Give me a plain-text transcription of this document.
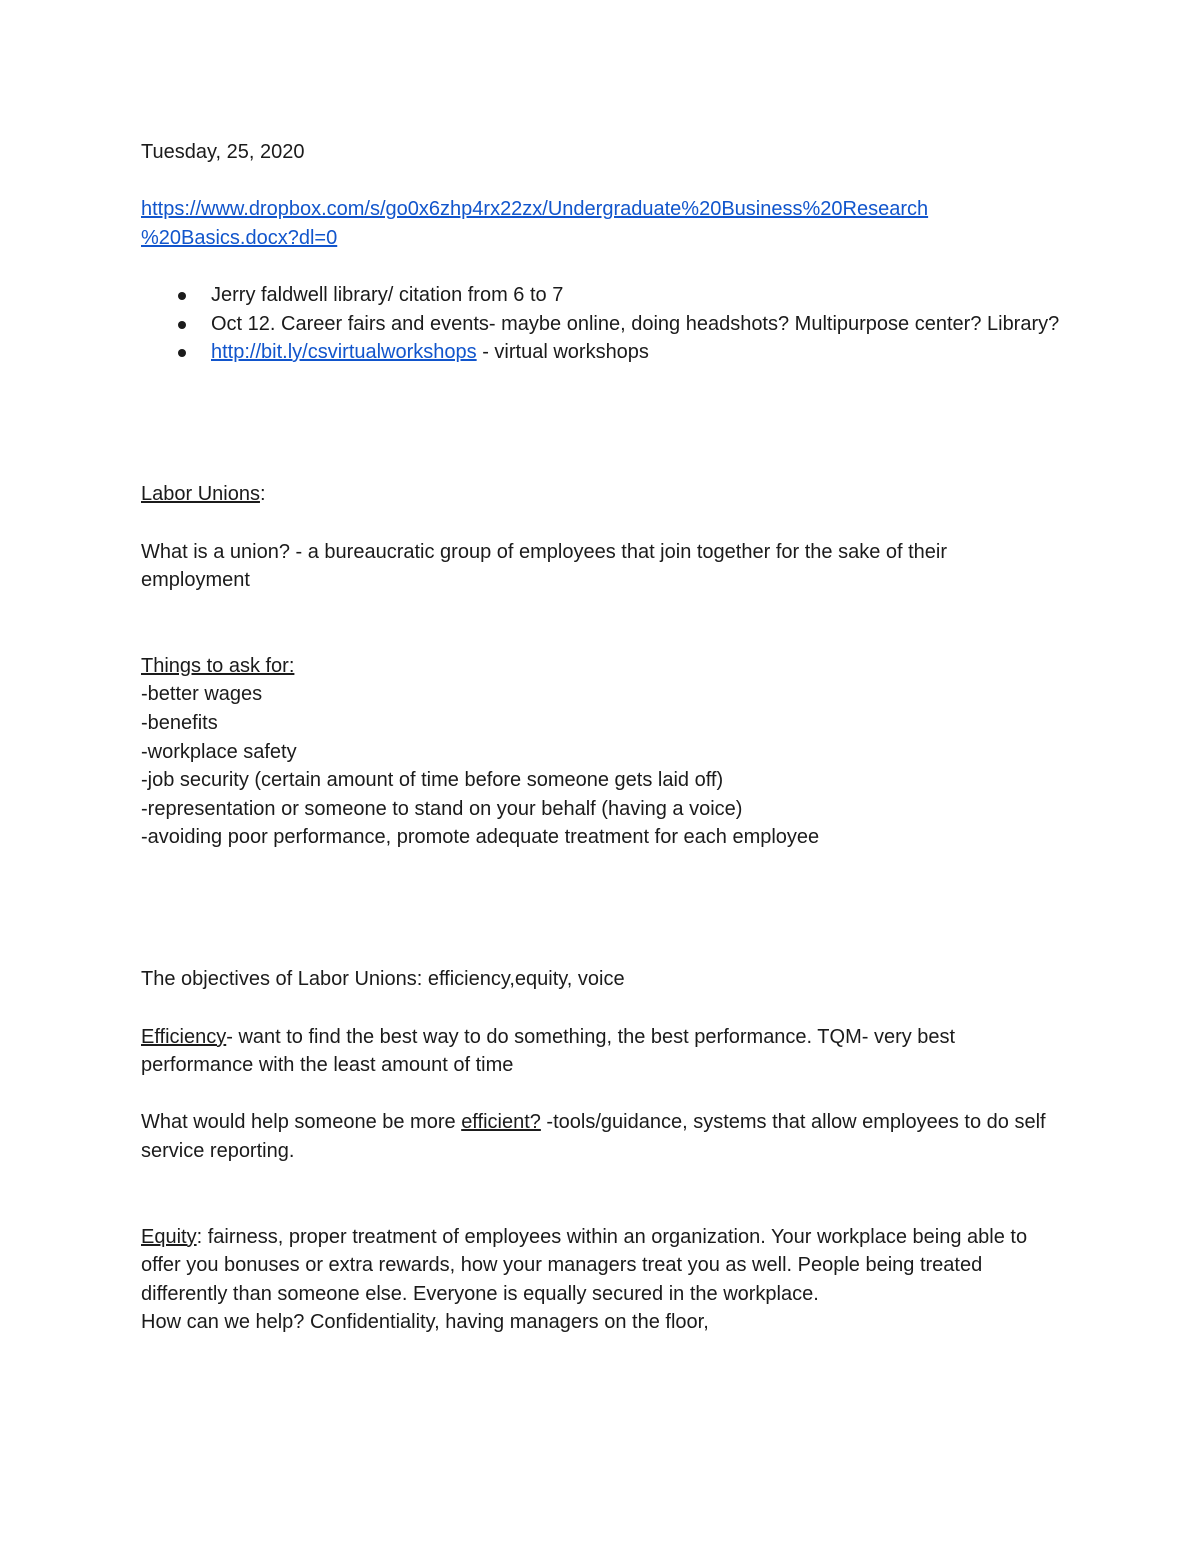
Tuesday, 25, 2020

https://www.dropbox.com/s/go0x6zhp4rx22zx/Undergraduate%20Business%20Research
%20Basics.docx?dl=0

Jerry faldwell library/ citation from 6 to 7
Oct 12. Career fairs and events- maybe online, doing headshots? Multipurpose center? Library?
http://bit.ly/csvirtualworkshops - virtual workshops

Labor Unions:

What is a union? - a bureaucratic group of employees that join together for the sake of their employment

Things to ask for:

-better wages

-benefits

-workplace safety

-job security (certain amount of time before someone gets laid off)

-representation or someone to stand on your behalf (having a voice)

-avoiding poor performance, promote adequate treatment for each employee

The objectives of Labor Unions: efficiency,equity, voice

Efficiency- want to find the best way to do something, the best performance. TQM- very best performance with the least amount of time

What would help someone be more efficient? -tools/guidance, systems that allow employees to do self service reporting.

Equity: fairness, proper treatment of employees within an organization. Your workplace being able to offer you bonuses or extra rewards, how your managers treat you as well. People being treated differently than someone else. Everyone is equally secured in the workplace.

How can we help? Confidentiality, having managers on the floor,
